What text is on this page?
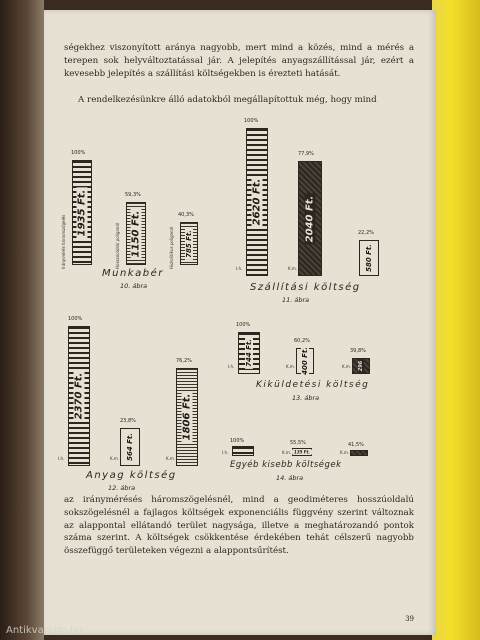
ségekhez viszonyított aránya nagyobb, mert mind a közés, mind a mérés a terepen sok helyváltoztatással jár. A jelepítés anyagszállítással jár, ezért a kevesebb jelepítés a szállítási költségekben is érezteti hatását.

A rendelkezésünkre álló adatokból megállapítottuk még, hogy mind

100%
1935 Ft.
Iránymérés háromszögelés
59,3%
1150 Ft.
Hosszúoldalú poligonál
40,3%
785 Ft.
Hidrolitikus poligonál
Munkabér
10. ábra
100%
2620 Ft.
I.h.
77,9%
2040 Ft.
K.m.
22,2%
580 Ft.
Szállítási költség
11. ábra
100%
2370 Ft.
I.h.
23,8%
564 Ft.
K.m.
76,2%
1806 Ft.
K.m.
Anyag költség
12. ábra
100%
744 Ft.
I.h.
60,2%
400 Ft.
K.m.
39,8%
296
K.m.
Kiküldetési költség
13. ábra
100%
I.h.
55,5%
135 Ft.
K.m.
41,5%
K.m.
Egyéb kisebb költségek
14. ábra

az iránymérésés háromszögelésnél, mind a geodiméteres hosszúoldalú sokszögelésnél a fajlagos költségek exponenciális függvény szerint változnak az alappontal ellátandó terület nagysága, illetve a meghatározandó pontok száma szerint. A költségek csökkentése érdekében tehát célszerű nagyobb összefüggő területeken végezni a alappontsűrítést.

39
Antikvarium.hu
